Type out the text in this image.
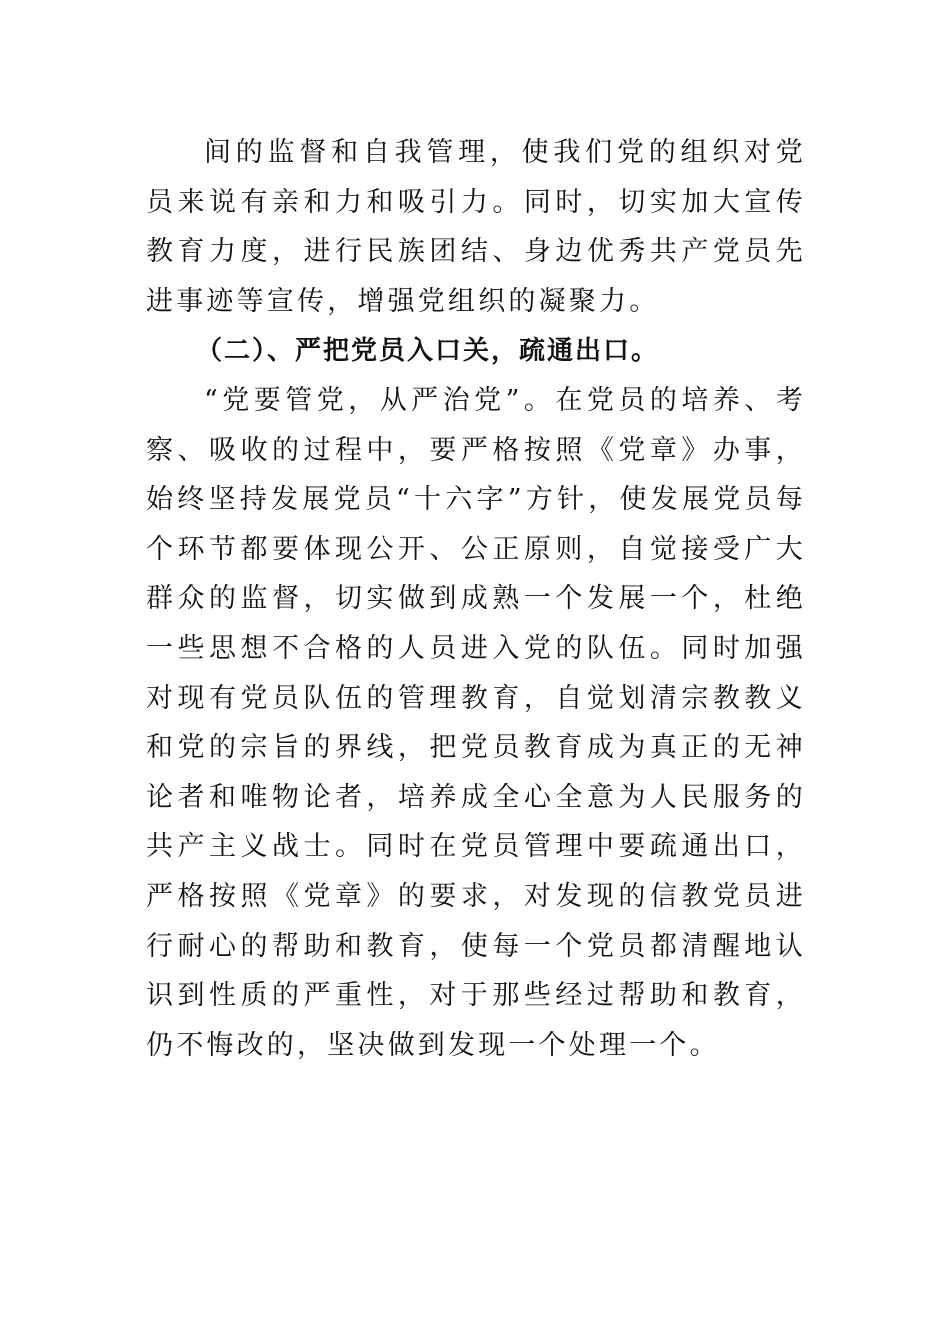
间的监督和自我管理，使我们党的组织对党员来说有亲和力和吸引力。同时，切实加大宣传教育力度，进行民族团结、身边优秀共产党员先进事迹等宣传，增强党组织的凝聚力。

（二）、严把党员入口关，疏通出口。

“党要管党，从严治党”。在党员的培养、考察、吸收的过程中，要严格按照《党章》办事，始终坚持发展党员“十六字”方针，使发展党员每个环节都要体现公开、公正原则，自觉接受广大群众的监督，切实做到成熟一个发展一个，杜绝一些思想不合格的人员进入党的队伍。同时加强对现有党员队伍的管理教育，自觉划清宗教教义和党的宗旨的界线，把党员教育成为真正的无神论者和唯物论者，培养成全心全意为人民服务的共产主义战士。同时在党员管理中要疏通出口，严格按照《党章》的要求，对发现的信教党员进行耐心的帮助和教育，使每一个党员都清醒地认识到性质的严重性，对于那些经过帮助和教育，仍不悔改的，坚决做到发现一个处理一个。
